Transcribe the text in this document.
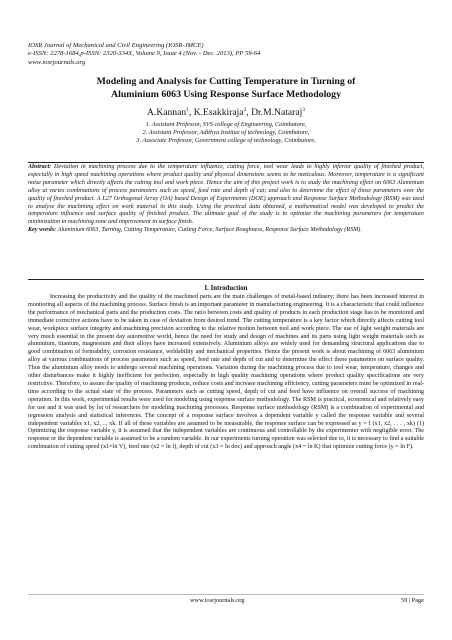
IOSR Journal of Mechanical and Civil Engineering (IOSR-JMCE)
e-ISSN: 2278-1684,p-ISSN: 2320-334X, Volume 9, Issue 4 (Nov. - Dec. 2013), PP 59-64
www.iosrjournals.org
Modeling and Analysis for Cutting Temperature in Turning of
Aluminium 6063 Using Response Surface Methodology
A.Kannan$^1$, K.Esakkiraja$^2$, Dr.M.Nataraj$^3$
1. Assistant Professor, SVS college of Engineering, Coimbatore,
2. Assistant Professor, Adithya Institue of technology, Coimbatore,
3. Associate Professor, Government college of technology, Coimbatore,

Abstract: Deviation in machining process due to the temperature influence, cutting force, tool wear leads to highly inferior quality of finished product, especially in high speed machining operations where product quality and physical dimensions seems to be meticulous. Moreover, temperature is a significant noise parameter which directly affects the cutting tool and work piece. Hence the aim of this project work is to study the machining effect on 6063 Aluminium alloy at varies combinations of process parameters such as speed, feed rate and depth of cut; and also to determine the effect of those parameters over the quality of finished product. A L27 Orthogonal Array (OA) based Design of Experiments (DOE) approach and Response Surface Methodology (RSM) was used to analyse the machining effect on work material in this study. Using the practical data obtained, a mathematical model was developed to predict the temperature influence and surface quality of finished product. The ultimate goal of the study is to optimize the machining parameters for temperature minimization in machining zone and improvement in surface finish.

Key words: Aluminium 6063, Turning, Cutting Temperature, Cutting Force, Surface Roughness, Response Surface Methodology (RSM).

I. Introduction

Increasing the productivity and the quality of the machined parts are the main challenges of metal-based industry; there has been increased interest in monitoring all aspects of the machining process. Surface finish is an important parameter in manufacturing engineering. It is a characteristic that could influence the performance of mechanical parts and the production costs. The ratio between costs and quality of products in each production stage has to be monitored and immediate corrective actions have to be taken in case of deviation from desired trend. The cutting temperature is a key factor which directly affects cutting tool wear, workpiece surface integrity and machining precision according to the relative motion between tool and work piece. The use of light weight materials are very much essential in the present day automotive world, hence the need for study and design of machines and its parts using light weight materials such as aluminium, titanium, magnesium and their alloys have increased extensively. Aluminium alloys are widely used for demanding structural applications due to good combination of formability, corrosion resistance, weldability and mechanical properties. Hence the present work is about machining of 6063 aluminium alloy at various combinations of process parameters such as speed, feed rate and depth of cut and to determine the effect these parameters on surface quality. Thus the aluminium alloy needs to undergo several machining operations. Variation during the machining process due to tool wear, temperature, changes and other disturbances make it highly inefficient for perfection, especially in high quality machining operations where product quality specifications are very restrictive. Therefore, to assure the quality of machining products, reduce costs and increase machining efficiency, cutting parameters must be optimized in real-time according to the actual state of the process. Parameters such as cutting speed, depth of cut and feed have influence on overall success of machining operation. In this work, experimental results were used for modeling using response surface methodology. The RSM is practical, economical and relatively easy for use and it was used by lot of researchers for modeling machining processes. Response surface methodology (RSM) is a combination of experimental and regression analysis and statistical inferences. The concept of a response surface involves a dependent variable y called the response variable and several independent variables x1, x2, .., xk. If all of these variables are assumed to be measurable, the response surface can be expressed as y = f (x1, x2, . . . , xk) (1) Optimizing the response variable y, it is assumed that the independent variables are continuous and controllable by the experimenter with negligible error. The response or the dependent variable is assumed to be a random variable. In our experiments turning operation was selected due to, it is necessary to find a suitable combination of cutting speed (x1=ln V), feed rate (x2 = ln f), depth of cut (x3 = ln doc) and approach angle (x4 = ln K) that optimize cutting force (y = ln F).

www.iosrjournals.org	59 | Page
